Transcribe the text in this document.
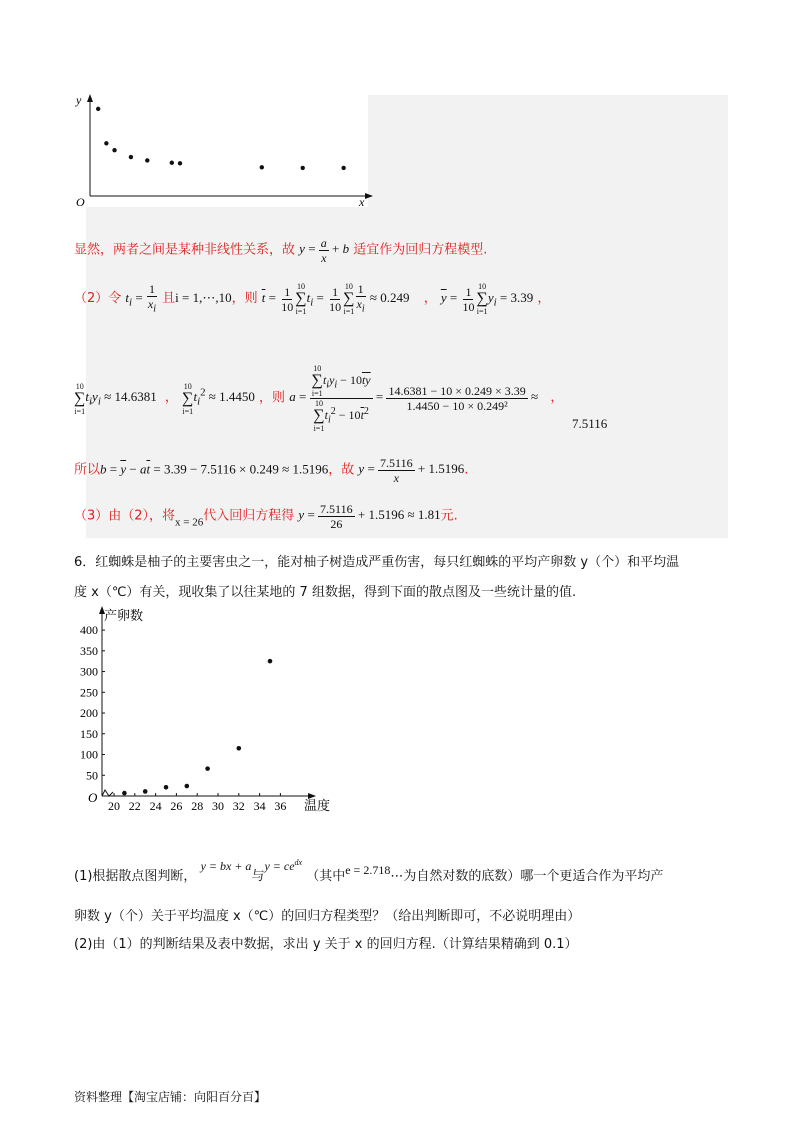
y
x
O
显然，两者之间是某种非线性关系，故 $y = \frac{a}{x} + b$ 适宜作为回归方程模型.
（2）令 $t_i = \frac{1}{x_i}$ 且i = 1,⋯,10，则 $\overline{t} = \frac{1}{10} 10$
∑
i=1
$t_i = \frac{1}{10} 10$
∑
$i=1 \frac{1}{x_i} \approx 0.249$ ， $\overline{y} = \frac{1}{10} 10$
∑
i=1
$y_i = 3.39$ ，
10
∑
i=1
$t_iy_i \approx 14.6381$ ，
10
∑
i=1
$t_i^2 \approx 1.4450$ ，则 a = 10
∑
i=1
$t_iy_i - 10\overline{t}\overline{y}$
10
∑
i=1
$t_i^2 - 10\overline{t}^2 = \frac{14.6381 - 10 \times 0.249 \times 3.39}{\text{1.4450 − 10 × 0.249²}}$ ≈ ，
7.5116
所以$b = \overline{y} - a\overline{t} = 3.39 - 7.5116 \times 0.249 \approx 1.5196$，故 $y = \frac{7.5116}{x} + 1.5196$.
（3）由（2），将$_{x = 26}$代入回归方程得 $y = \frac{7.5116}{26} + 1.5196 \approx 1.81$元.
6．红蜘蛛是柚子的主要害虫之一，能对柚子树造成严重伤害，每只红蜘蛛的平均产卵数 y（个）和平均温
度 x（℃）有关，现收集了以往某地的 7 组数据，得到下面的散点图及一些统计量的值.
产卵数
温度
O
50
100
150
200
250
300
350
400
20 22 24 26 28 30 32 34 36
(1)根据散点图判断， y = bx + a与$y = ce^{dx}$ （其中e = 2.718⋯为自然对数的底数）哪一个更适合作为平均产
卵数 y（个）关于平均温度 x（℃）的回归方程类型？（给出判断即可，不必说明理由）
(2)由（1）的判断结果及表中数据，求出 y 关于 x 的回归方程.（计算结果精确到 0.1）
资料整理【淘宝店铺：向阳百分百】
